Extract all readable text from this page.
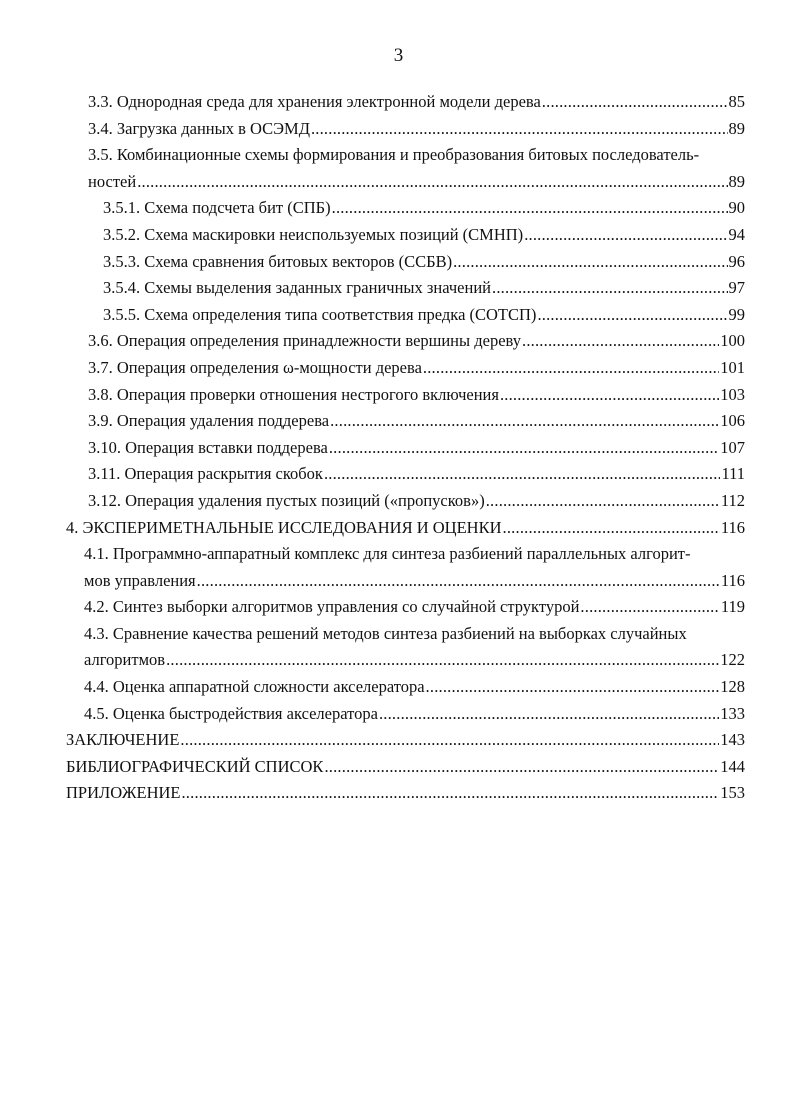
3
3.3. Однородная среда для хранения электронной модели дерева .....	85
3.4. Загрузка данных в ОСЭМД .....	89
3.5. Комбинационные схемы формирования и преобразования битовых последователь-
ностей .....	89
3.5.1. Схема подсчета бит (СПБ) .....	90
3.5.2. Схема маскировки неиспользуемых позиций (СМНП) .....	94
3.5.3. Схема сравнения битовых векторов (ССБВ) .....	96
3.5.4. Схемы выделения заданных граничных значений .....	97
3.5.5. Схема определения типа соответствия предка (СОТСП) .....	99
3.6. Операция определения принадлежности вершины дереву .....	100
3.7. Операция определения ω-мощности дерева .....	101
3.8. Операция проверки отношения нестрогого включения .....	103
3.9. Операция удаления поддерева .....	106
3.10. Операция вставки поддерева .....	107
3.11. Операция раскрытия скобок .....	111
3.12. Операция удаления пустых позиций («пропусков») .....	112
4. ЭКСПЕРИМЕТНАЛЬНЫЕ ИССЛЕДОВАНИЯ И ОЦЕНКИ .....	116
4.1. Программно-аппаратный комплекс для синтеза разбиений параллельных алгорит-
мов управления .....	116
4.2. Синтез выборки алгоритмов управления со случайной структурой .....	119
4.3. Сравнение качества решений методов синтеза разбиений на выборках случайных
алгоритмов .....	122
4.4. Оценка аппаратной сложности акселератора .....	128
4.5. Оценка быстродействия акселератора .....	133
ЗАКЛЮЧЕНИЕ .....	143
БИБЛИОГРАФИЧЕСКИЙ СПИСОК .....	144
ПРИЛОЖЕНИЕ .....	153
